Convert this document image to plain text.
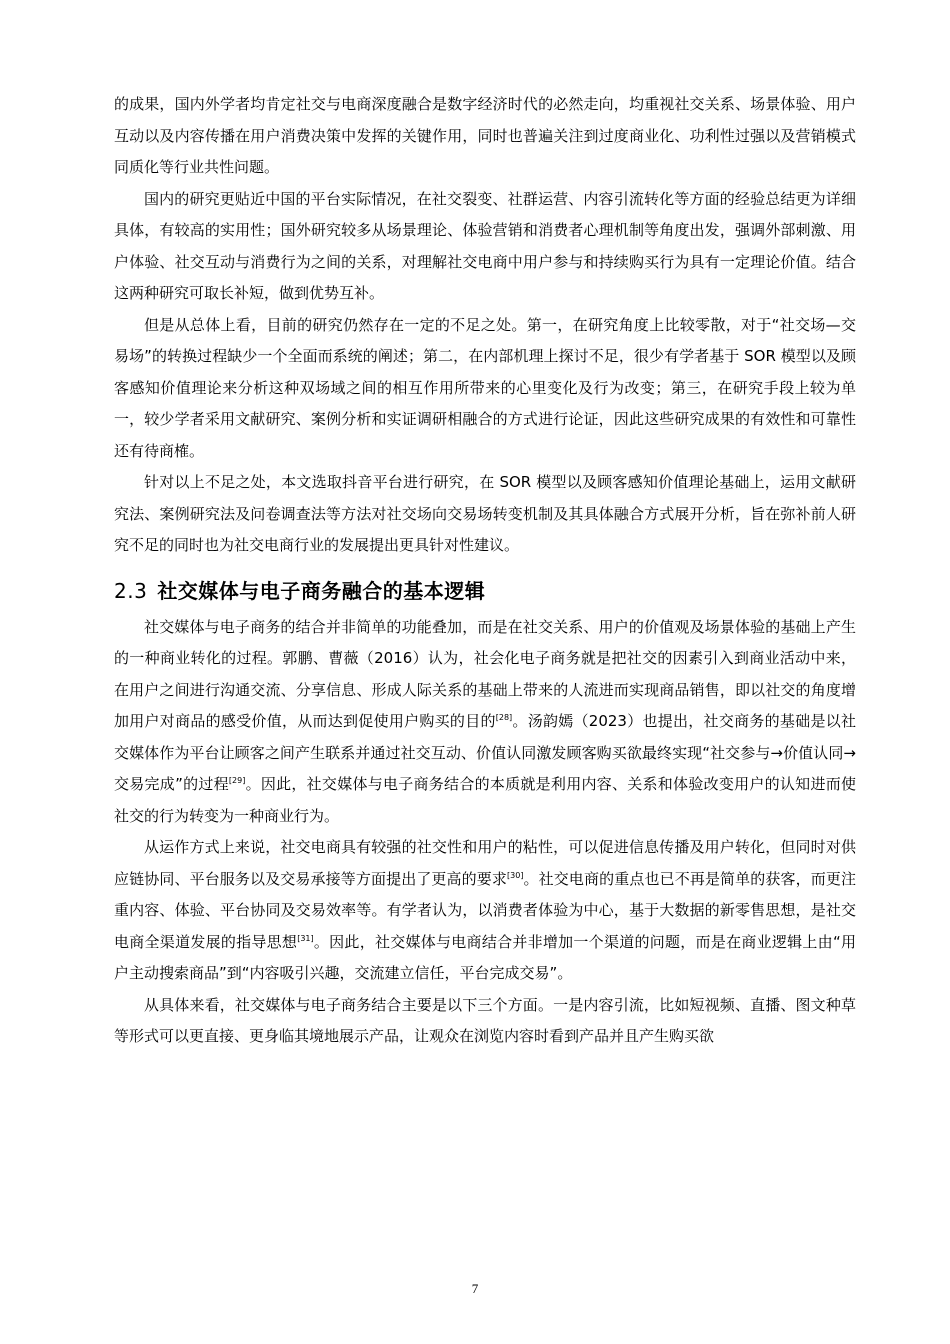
的成果，国内外学者均肯定社交与电商深度融合是数字经济时代的必然走向，均重视社交关系、场景体验、用户互动以及内容传播在用户消费决策中发挥的关键作用，同时也普遍关注到过度商业化、功利性过强以及营销模式同质化等行业共性问题。

国内的研究更贴近中国的平台实际情况，在社交裂变、社群运营、内容引流转化等方面的经验总结更为详细具体，有较高的实用性；国外研究较多从场景理论、体验营销和消费者心理机制等角度出发，强调外部刺激、用户体验、社交互动与消费行为之间的关系，对理解社交电商中用户参与和持续购买行为具有一定理论价值。结合这两种研究可取长补短，做到优势互补。

但是从总体上看，目前的研究仍然存在一定的不足之处。第一，在研究角度上比较零散，对于“社交场—交易场”的转换过程缺少一个全面而系统的阐述；第二，在内部机理上探讨不足，很少有学者基于 SOR 模型以及顾客感知价值理论来分析这种双场域之间的相互作用所带来的心里变化及行为改变；第三，在研究手段上较为单一，较少学者采用文献研究、案例分析和实证调研相融合的方式进行论证，因此这些研究成果的有效性和可靠性还有待商榷。

针对以上不足之处，本文选取抖音平台进行研究，在 SOR 模型以及顾客感知价值理论基础上，运用文献研究法、案例研究法及问卷调查法等方法对社交场向交易场转变机制及其具体融合方式展开分析，旨在弥补前人研究不足的同时也为社交电商行业的发展提出更具针对性建议。

2.3 社交媒体与电子商务融合的基本逻辑

社交媒体与电子商务的结合并非简单的功能叠加，而是在社交关系、用户的价值观及场景体验的基础上产生的一种商业转化的过程。郭鹏、曹薇（2016）认为，社会化电子商务就是把社交的因素引入到商业活动中来，在用户之间进行沟通交流、分享信息、形成人际关系的基础上带来的人流进而实现商品销售，即以社交的角度增加用户对商品的感受价值，从而达到促使用户购买的目的[28]。汤韵嫣（2023）也提出，社交商务的基础是以社交媒体作为平台让顾客之间产生联系并通过社交互动、价值认同激发顾客购买欲最终实现“社交参与→价值认同→交易完成”的过程[29]。因此，社交媒体与电子商务结合的本质就是利用内容、关系和体验改变用户的认知进而使社交的行为转变为一种商业行为。

从运作方式上来说，社交电商具有较强的社交性和用户的粘性，可以促进信息传播及用户转化，但同时对供应链协同、平台服务以及交易承接等方面提出了更高的要求[30]。社交电商的重点也已不再是简单的获客，而更注重内容、体验、平台协同及交易效率等。有学者认为，以消费者体验为中心，基于大数据的新零售思想，是社交电商全渠道发展的指导思想[31]。因此，社交媒体与电商结合并非增加一个渠道的问题，而是在商业逻辑上由“用户主动搜索商品”到“内容吸引兴趣，交流建立信任，平台完成交易”。

从具体来看，社交媒体与电子商务结合主要是以下三个方面。一是内容引流，比如短视频、直播、图文种草等形式可以更直接、更身临其境地展示产品，让观众在浏览内容时看到产品并且产生购买欲

7
